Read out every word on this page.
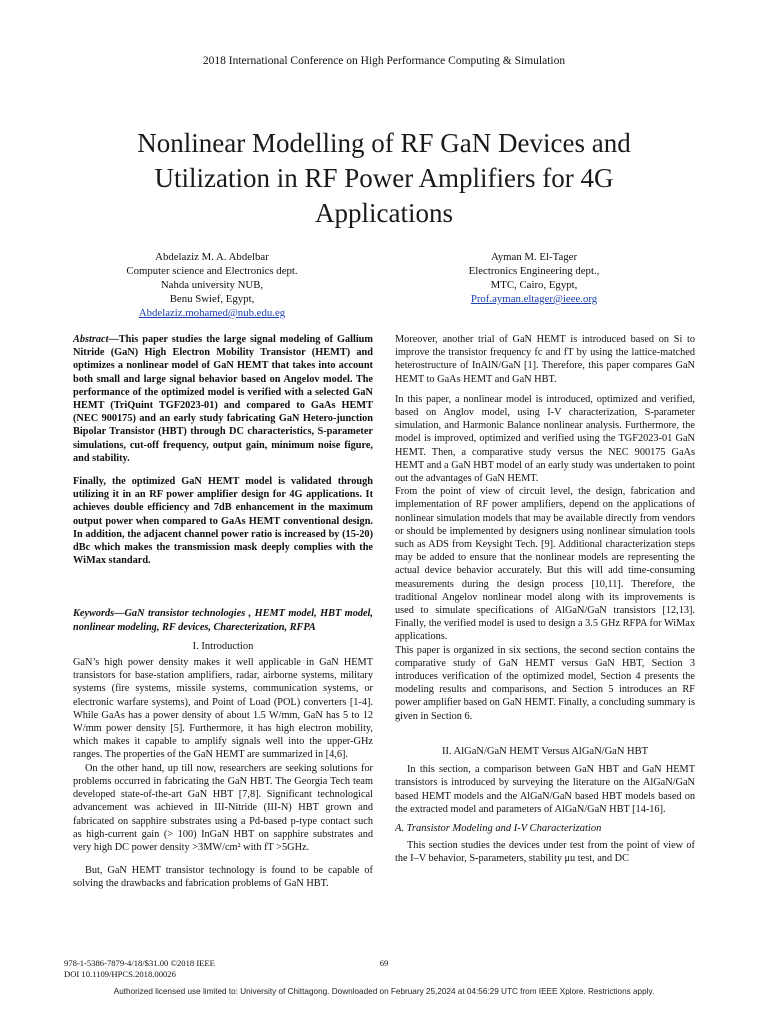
2018 International Conference on High Performance Computing & Simulation
Nonlinear Modelling of RF GaN Devices and
Utilization in RF Power Amplifiers for 4G
Applications
Abdelaziz M. A. Abdelbar
Computer science and Electronics dept.
Nahda university NUB,
Benu Swief, Egypt,
Abdelaziz.mohamed@nub.edu.eg
Ayman M. El-Tager
Electronics Engineering dept.,
MTC, Cairo, Egypt,
Prof.ayman.eltager@ieee.org

Abstract—This paper studies the large signal modeling of Gallium Nitride (GaN) High Electron Mobility Transistor (HEMT) and optimizes a nonlinear model of GaN HEMT that takes into account both small and large signal behavior based on Angelov model. The performance of the optimized model is verified with a selected GaN HEMT (TriQuint TGF2023-01) and compared to GaAs HEMT (NEC 900175) and an early study fabricating GaN Hetero-junction Bipolar Transistor (HBT) through DC characteristics, S-parameter simulations, cut-off frequency, output gain, minimum noise figure, and stability.

Finally, the optimized GaN HEMT model is validated through utilizing it in an RF power amplifier design for 4G applications. It achieves double efficiency and 7dB enhancement in the maximum output power when compared to GaAs HEMT conventional design. In addition, the adjacent channel power ratio is increased by (15-20) dBc which makes the transmission mask deeply complies with the WiMax standard.

Keywords—GaN transistor technologies , HEMT model, HBT model, nonlinear modeling, RF devices, Charecterization, RFPA

I. Introduction

GaN’s high power density makes it well applicable in GaN HEMT transistors for base-station amplifiers, radar, airborne systems, military systems (fire systems, missile systems, communication systems, or electronic warfare systems), and Point of Load (POL) converters [1-4]. While GaAs has a power density of about 1.5 W/mm, GaN has 5 to 12 W/mm power density [5]. Furthermore, it has high electron mobility, which makes it capable to amplify signals well into the upper-GHz ranges. The properties of the GaN HEMT are summarized in [4,6].

On the other hand, up till now, researchers are seeking solutions for problems occurred in fabricating the GaN HBT. The Georgia Tech team developed state-of-the-art GaN HBT [7,8]. Significant technological advancement was achieved in III-Nitride (III-N) HBT grown and fabricated on sapphire substrates using a Pd-based p-type contact such as high-current gain (> 100) InGaN HBT on sapphire substrates and very high DC power density >3MW/cm² with fT >5GHz.

But, GaN HEMT transistor technology is found to be capable of solving the drawbacks and fabrication problems of GaN HBT.

Moreover, another trial of GaN HEMT is introduced based on Si to improve the transistor frequency fc and fT by using the lattice-matched heterostructure of InAlN/GaN [1]. Therefore, this paper compares GaN HEMT to GaAs HEMT and GaN HBT.

In this paper, a nonlinear model is introduced, optimized and verified, based on Anglov model, using I-V characterization, S-parameter simulation, and Harmonic Balance nonlinear analysis. Furthermore, the model is improved, optimized and verified using the TGF2023-01 GaN HEMT. Then, a comparative study versus the NEC 900175 GaAs HEMT and a GaN HBT model of an early study was undertaken to point out the advantages of GaN HEMT.

From the point of view of circuit level, the design, fabrication and implementation of RF power amplifiers, depend on the applications of nonlinear simulation models that may be available directly from vendors or should be implemented by designers using nonlinear simulation tools such as ADS from Keysight Tech. [9]. Additional characterization steps may be added to ensure that the nonlinear models are representing the actual device behavior accurately. But this will add time-consuming measurements during the design process [10,11]. Therefore, the traditional Angelov nonlinear model along with its improvements is used to simulate specifications of AlGaN/GaN transistors [12,13]. Finally, the verified model is used to design a 3.5 GHz RFPA for WiMax applications.

This paper is organized in six sections, the second section contains the comparative study of GaN HEMT versus GaN HBT, Section 3 introduces verification of the optimized model, Section 4 presents the modeling results and comparisons, and Section 5 introduces an RF power amplifier based on GaN HEMT. Finally, a concluding summary is given in Section 6.

II. AlGaN/GaN HEMT Versus AlGaN/GaN HBT

In this section, a comparison between GaN HBT and GaN HEMT transistors is introduced by surveying the literature on the AlGaN/GaN based HEMT models and the AlGaN/GaN based HBT models based on the extracted model and parameters of AlGaN/GaN HBT [14-16].

A. Transistor Modeling and I-V Characterization

This section studies the devices under test from the point of view of the I–V behavior, S-parameters, stability μu test, and DC

978-1-5386-7879-4/18/$31.00 ©2018 IEEE
DOI 10.1109/HPCS.2018.00026
69
Authorized licensed use limited to: University of Chittagong. Downloaded on February 25,2024 at 04:56:29 UTC from IEEE Xplore. Restrictions apply.
